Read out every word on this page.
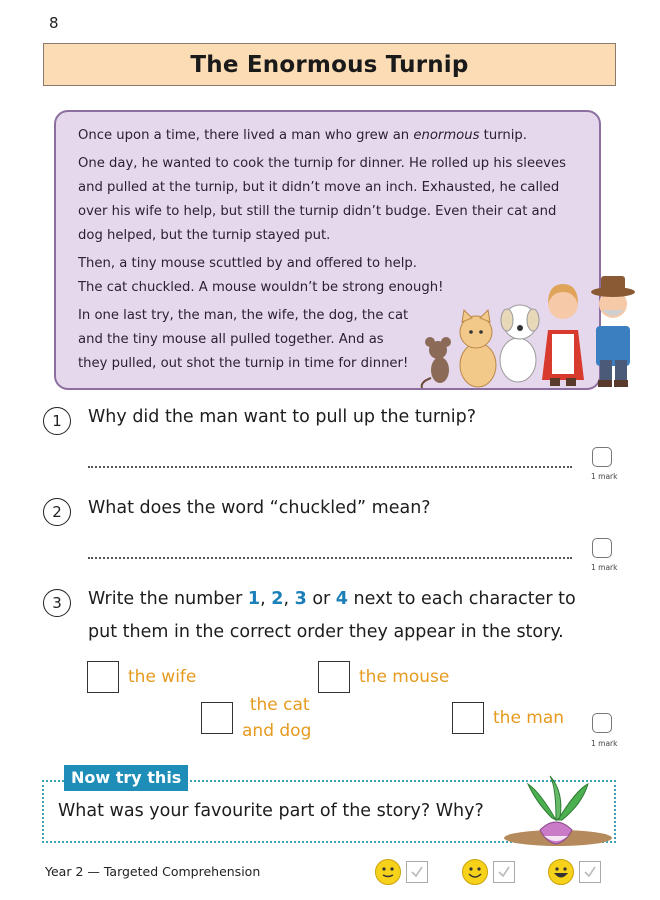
8
The Enormous Turnip

Once upon a time, there lived a man who grew an enormous turnip.

One day, he wanted to cook the turnip for dinner. He rolled up his sleeves and pulled at the turnip, but it didn’t move an inch. Exhausted, he called over his wife to help, but still the turnip didn’t budge. Even their cat and dog helped, but the turnip stayed put.

Then, a tiny mouse scuttled by and offered to help.
The cat chuckled. A mouse wouldn’t be strong enough!

In one last try, the man, the wife, the dog, the cat
and the tiny mouse all pulled together. And as
they pulled, out shot the turnip in time for dinner!

1	Why did the man want to pull up the turnip?
1 mark
2	What does the word “chuckled” mean?
1 mark
3	Write the number 1, 2, 3 or 4 next to each character to
put them in the correct order they appear in the story.
the wife	the mouse
the cat
and dog
the man
1 mark
Now try this
What was your favourite part of the story? Why?
Year 2 — Targeted Comprehension
